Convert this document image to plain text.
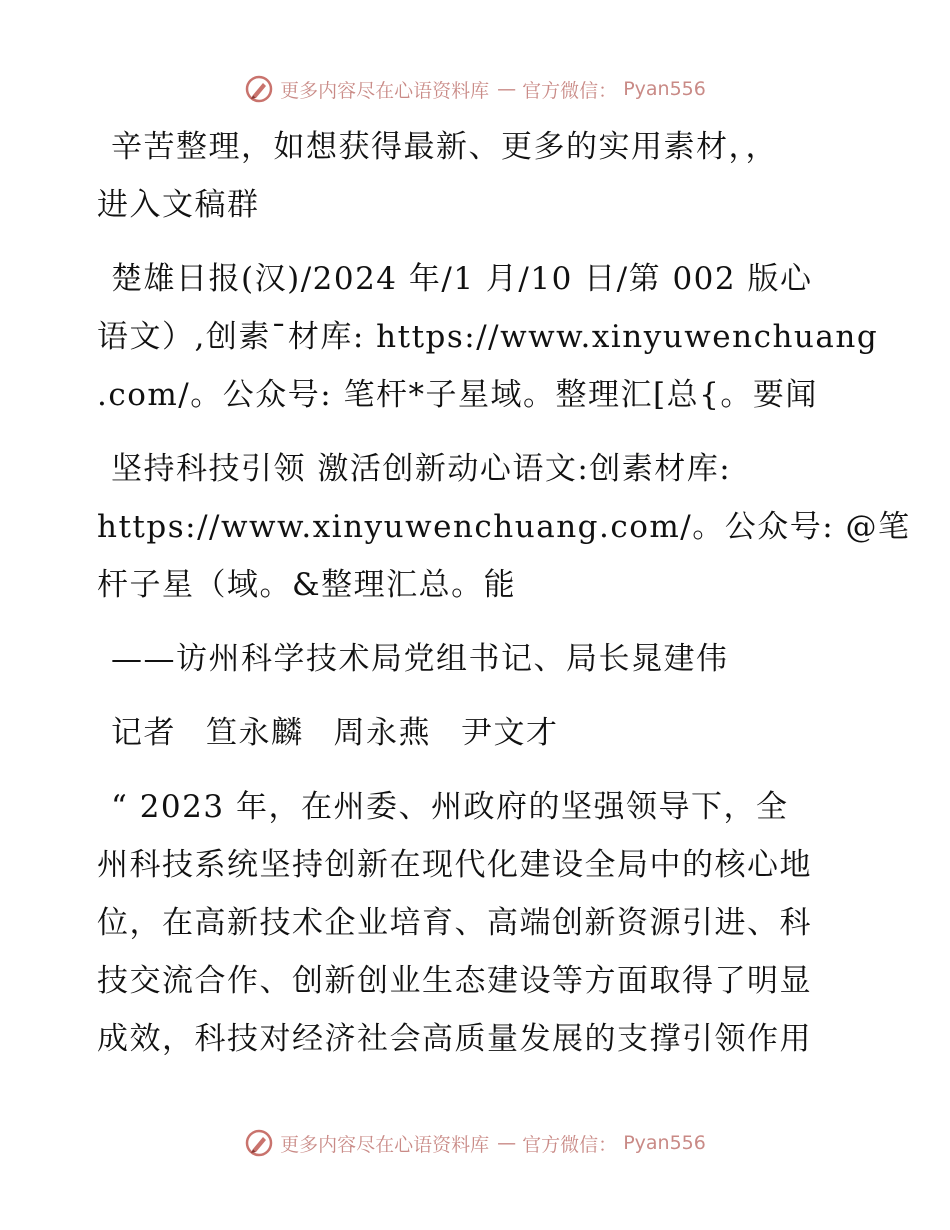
更多内容尽在心语资料库 — 官方微信： Pyan556

辛苦整理，如想获得最新、更多的实用素材，，
进入文稿群

楚雄日报(汉)/2024 年/1 月/10 日/第 002 版心
语文）,创素¯材库: https://www.xinyuwenchuang
.com/。公众号: 笔杆*子星域。整理汇[总{。要闻

坚持科技引领 激活创新动心语文:创素材库:
https://www.xinyuwenchuang.com/。公众号: @笔
杆子星（域。&整理汇总。能

——访州科学技术局党组书记、局长晁建伟

记者 笪永麟 周永燕 尹文才

“ 2023 年，在州委、州政府的坚强领导下，全
州科技系统坚持创新在现代化建设全局中的核心地
位，在高新技术企业培育、高端创新资源引进、科
技交流合作、创新创业生态建设等方面取得了明显
成效，科技对经济社会高质量发展的支撑引领作用

更多内容尽在心语资料库 — 官方微信： Pyan556
